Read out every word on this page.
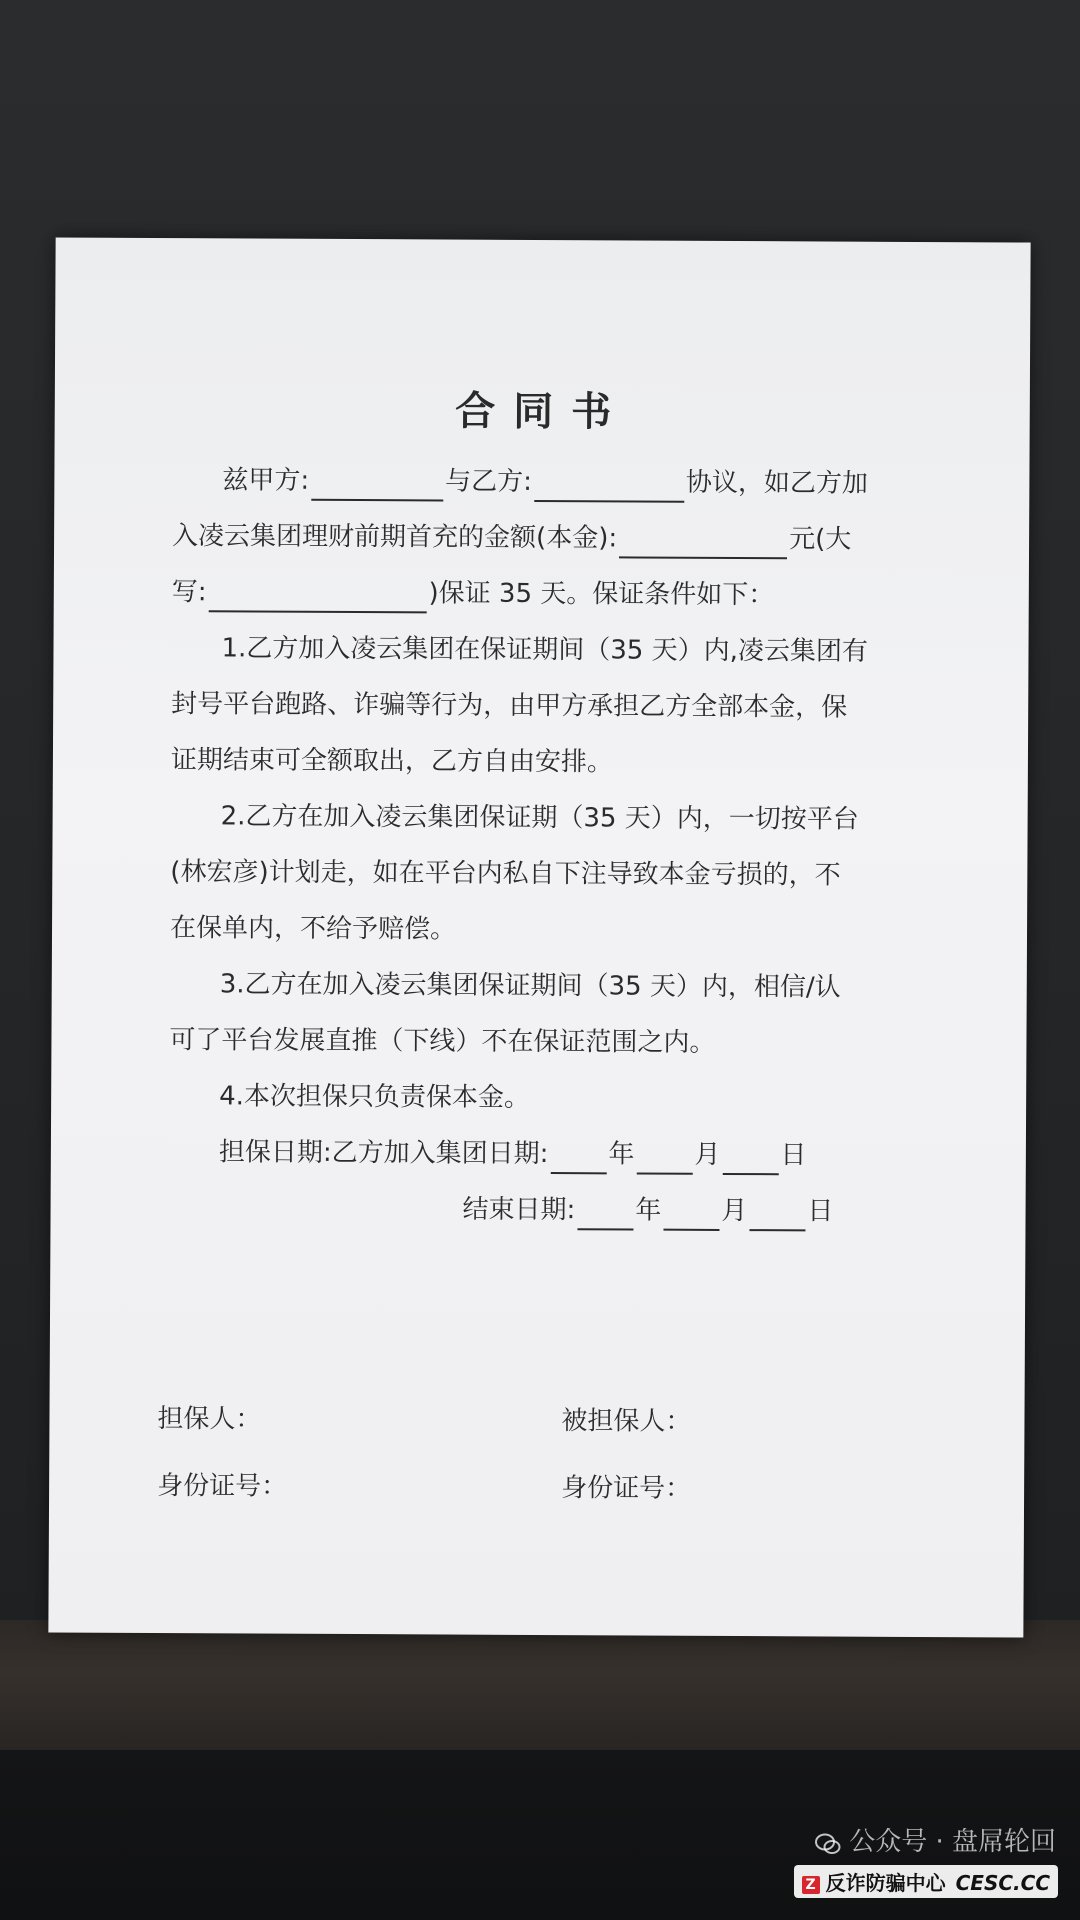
合同书
兹甲方:	与乙方:	协议，如乙方加
入凌云集团理财前期首充的金额(本金):	元(大
写:	)保证 35 天。保证条件如下：
1.乙方加入凌云集团在保证期间（35 天）内,凌云集团有
封号平台跑路、诈骗等行为，由甲方承担乙方全部本金，保
证期结束可全额取出，乙方自由安排。
2.乙方在加入凌云集团保证期（35 天）内，一切按平台
(林宏彦)计划走，如在平台内私自下注导致本金亏损的，不
在保单内，不给予赔偿。
3.乙方在加入凌云集团保证期间（35 天）内，相信/认
可了平台发展直推（下线）不在保证范围之内。
4.本次担保只负责保本金。
担保日期:乙方加入集团日期: 年 月 日
结束日期: 年 月 日
担保人：	被担保人：
身份证号：	身份证号：
公众号 · 盘屌轮回
Z 反诈防骗中心 CESC.CC
